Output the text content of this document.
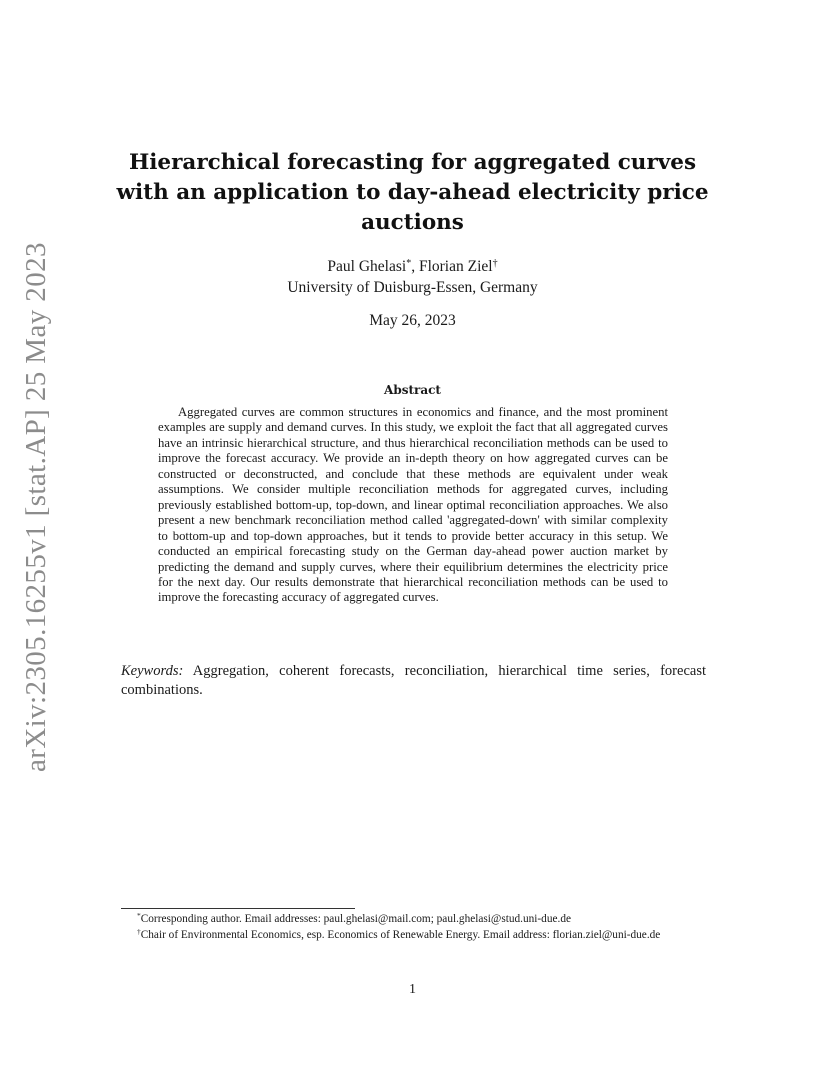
arXiv:2305.16255v1 [stat.AP] 25 May 2023
Hierarchical forecasting for aggregated curves with an application to day-ahead electricity price auctions
Paul Ghelasi*, Florian Ziel†
University of Duisburg-Essen, Germany
May 26, 2023
Abstract

Aggregated curves are common structures in economics and finance, and the most prominent examples are supply and demand curves. In this study, we exploit the fact that all aggregated curves have an intrinsic hierarchical structure, and thus hierarchical reconciliation methods can be used to improve the forecast accuracy. We provide an in-depth theory on how aggregated curves can be constructed or deconstructed, and conclude that these methods are equivalent under weak assumptions. We consider multiple reconciliation methods for aggregated curves, including previously established bottom-up, top-down, and linear optimal reconciliation approaches. We also present a new benchmark reconciliation method called 'aggregated-down' with similar complexity to bottom-up and top-down approaches, but it tends to provide better accuracy in this setup. We conducted an empirical forecasting study on the German day-ahead power auction market by predicting the demand and supply curves, where their equilibrium determines the electricity price for the next day. Our results demonstrate that hierarchical reconciliation methods can be used to improve the forecasting accuracy of aggregated curves.

Keywords: Aggregation, coherent forecasts, reconciliation, hierarchical time series, forecast combinations.

*Corresponding author. Email addresses: paul.ghelasi@mail.com; paul.ghelasi@stud.uni-due.de

†Chair of Environmental Economics, esp. Economics of Renewable Energy. Email address: florian.ziel@uni-due.de

1
